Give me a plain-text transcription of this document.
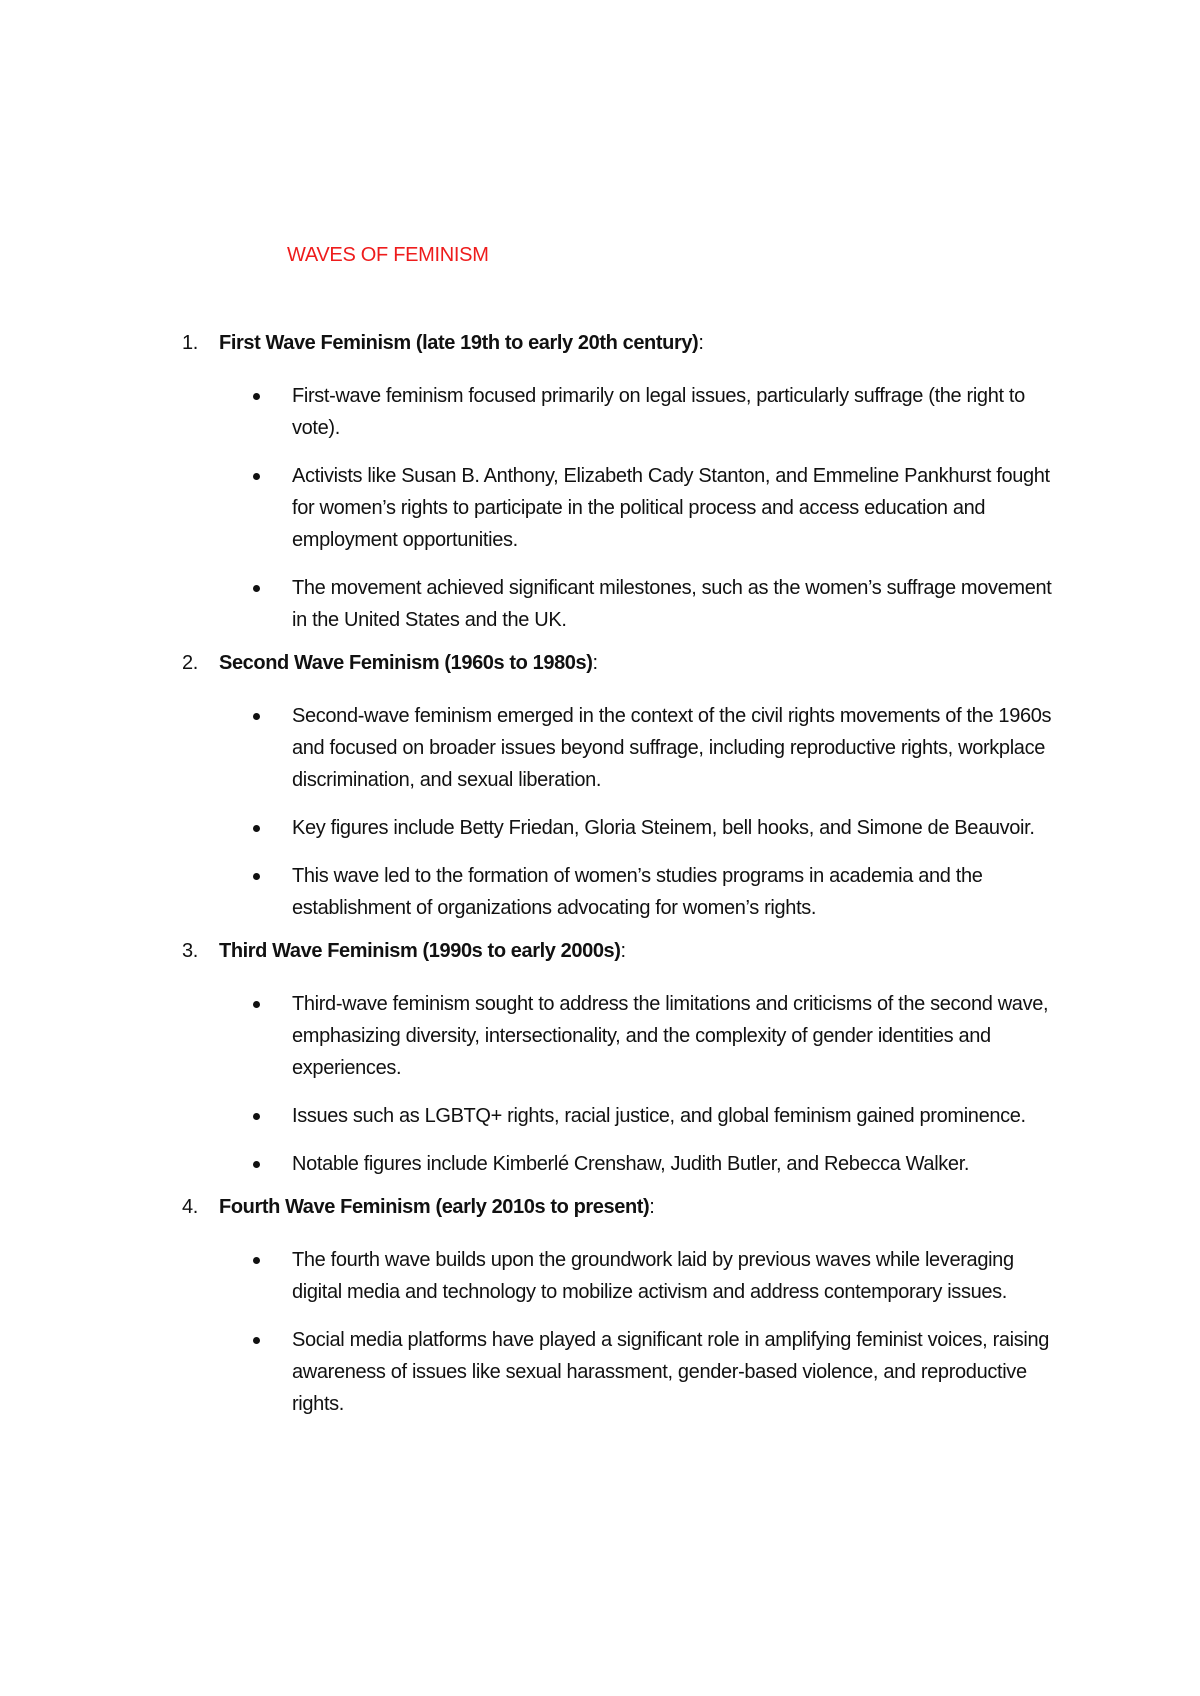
WAVES OF FEMINISM
1. First Wave Feminism (late 19th to early 20th century):
First-wave feminism focused primarily on legal issues, particularly suffrage (the right to vote).
Activists like Susan B. Anthony, Elizabeth Cady Stanton, and Emmeline Pankhurst fought for women’s rights to participate in the political process and access education and employment opportunities.
The movement achieved significant milestones, such as the women’s suffrage movement in the United States and the UK.
2. Second Wave Feminism (1960s to 1980s):
Second-wave feminism emerged in the context of the civil rights movements of the 1960s and focused on broader issues beyond suffrage, including reproductive rights, workplace discrimination, and sexual liberation.
Key figures include Betty Friedan, Gloria Steinem, bell hooks, and Simone de Beauvoir.
This wave led to the formation of women’s studies programs in academia and the establishment of organizations advocating for women’s rights.
3. Third Wave Feminism (1990s to early 2000s):
Third-wave feminism sought to address the limitations and criticisms of the second wave, emphasizing diversity, intersectionality, and the complexity of gender identities and experiences.
Issues such as LGBTQ+ rights, racial justice, and global feminism gained prominence.
Notable figures include Kimberlé Crenshaw, Judith Butler, and Rebecca Walker.
4. Fourth Wave Feminism (early 2010s to present):
The fourth wave builds upon the groundwork laid by previous waves while leveraging digital media and technology to mobilize activism and address contemporary issues.
Social media platforms have played a significant role in amplifying feminist voices, raising awareness of issues like sexual harassment, gender-based violence, and reproductive rights.
